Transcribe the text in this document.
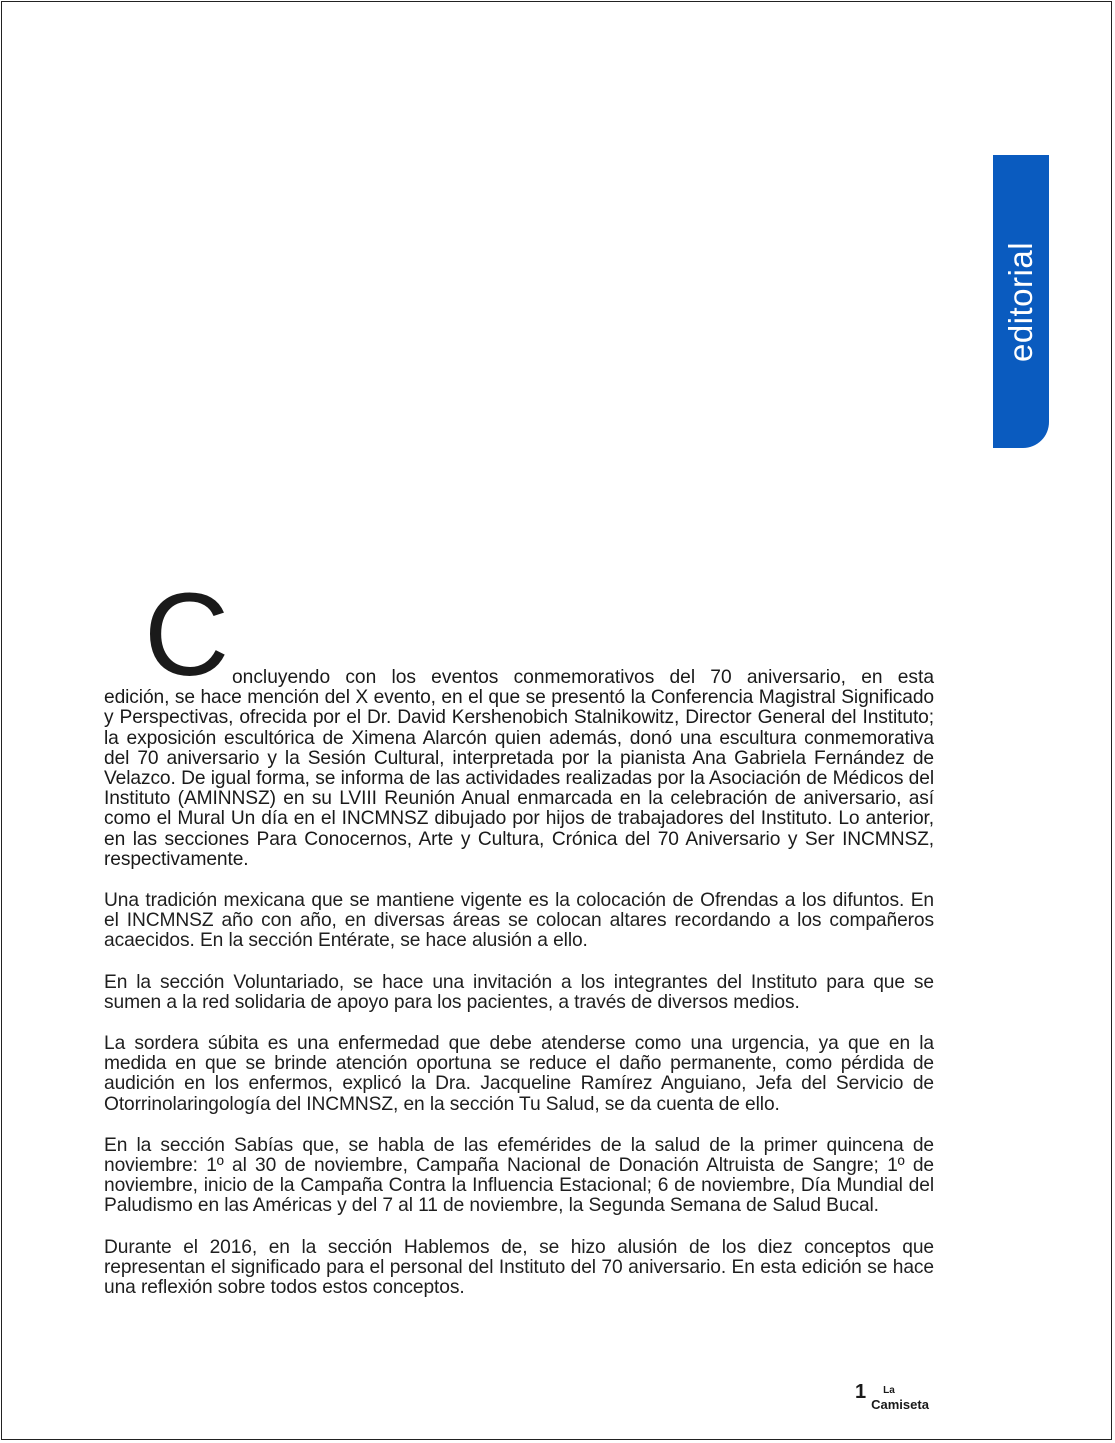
editorial
C oncluyendo con los eventos conmemorativos del 70 aniversario, en esta

edición, se hace mención del X evento, en el que se presentó la Conferencia Magistral Significado y Perspectivas, ofrecida por el Dr. David Kershenobich Stalnikowitz, Director General del Instituto; la exposición escultórica de Ximena Alarcón quien además, donó una escultura conmemorativa del 70 aniversario y la Sesión Cultural, interpretada por la pianista Ana Gabriela Fernández de Velazco. De igual forma, se informa de las actividades realizadas por la Asociación de Médicos del Instituto (AMINNSZ) en su LVIII Reunión Anual enmarcada en la celebración de aniversario, así como el Mural Un día en el INCMNSZ dibujado por hijos de trabajadores del Instituto. Lo anterior, en las secciones Para Conocernos, Arte y Cultura, Crónica del 70 Aniversario y Ser INCMNSZ, respectivamente.

Una tradición mexicana que se mantiene vigente es la colocación de Ofrendas a los difuntos. En el INCMNSZ año con año, en diversas áreas se colocan altares recordando a los compañeros acaecidos. En la sección Entérate, se hace alusión a ello.

En la sección Voluntariado, se hace una invitación a los integrantes del Instituto para que se sumen a la red solidaria de apoyo para los pacientes, a través de diversos medios.

La sordera súbita es una enfermedad que debe atenderse como una urgencia, ya que en la medida en que se brinde atención oportuna se reduce el daño permanente, como pérdida de audición en los enfermos, explicó la Dra. Jacqueline Ramírez Anguiano, Jefa del Servicio de Otorrinolaringología del INCMNSZ, en la sección Tu Salud, se da cuenta de ello.

En la sección Sabías que, se habla de las efemérides de la salud de la primer quincena de noviembre: 1º al 30 de noviembre, Campaña Nacional de Donación Altruista de Sangre; 1º de noviembre, inicio de la Campaña Contra la Influencia Estacional; 6 de noviembre, Día Mundial del Paludismo en las Américas y del 7 al 11 de noviembre, la Segunda Semana de Salud Bucal.

Durante el 2016, en la sección Hablemos de, se hizo alusión de los diez conceptos que representan el significado para el personal del Instituto del 70 aniversario. En esta edición se hace una reflexión sobre todos estos conceptos.

1 La
Camiseta
